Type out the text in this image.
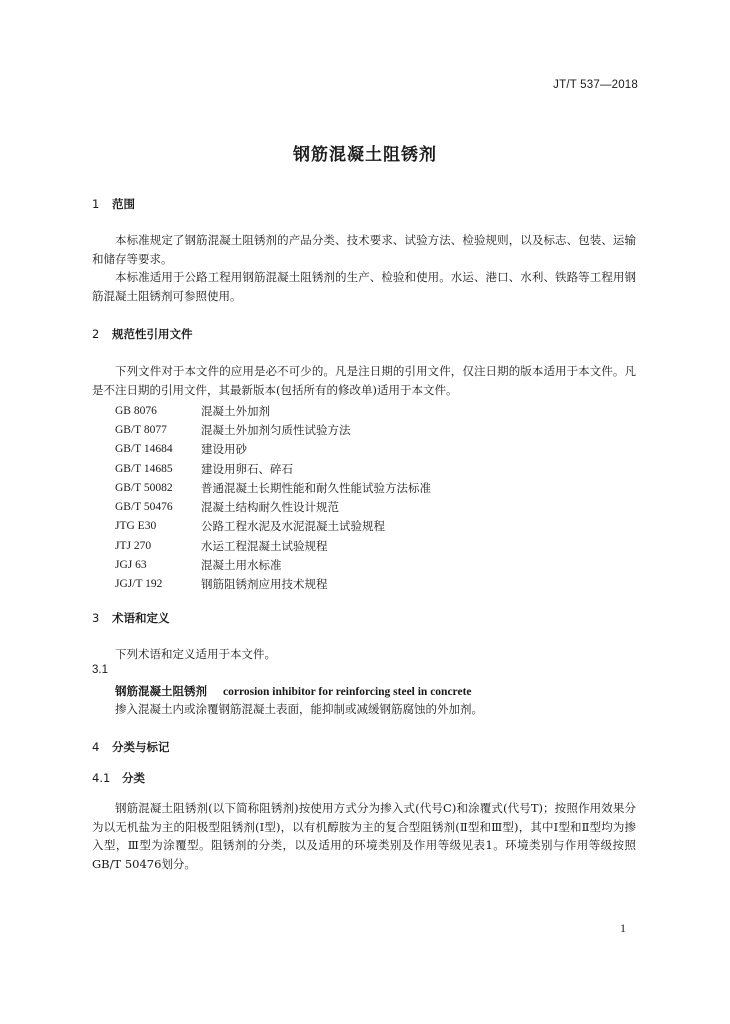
JT/T 537—2018
钢筋混凝土阻锈剂
1 范围
本标准规定了钢筋混凝土阻锈剂的产品分类、技术要求、试验方法、检验规则，以及标志、包装、运输和储存等要求。
本标准适用于公路工程用钢筋混凝土阻锈剂的生产、检验和使用。水运、港口、水利、铁路等工程用钢筋混凝土阻锈剂可参照使用。
2 规范性引用文件
下列文件对于本文件的应用是必不可少的。凡是注日期的引用文件，仅注日期的版本适用于本文件。凡是不注日期的引用文件，其最新版本(包括所有的修改单)适用于本文件。
GB 8076	混凝土外加剂
GB/T 8077	混凝土外加剂匀质性试验方法
GB/T 14684	建设用砂
GB/T 14685	建设用卵石、碎石
GB/T 50082	普通混凝土长期性能和耐久性能试验方法标准
GB/T 50476	混凝土结构耐久性设计规范
JTG E30	公路工程水泥及水泥混凝土试验规程
JTJ 270	水运工程混凝土试验规程
JGJ 63	混凝土用水标准
JGJ/T 192	钢筋阻锈剂应用技术规程
3 术语和定义
下列术语和定义适用于本文件。
3.1
钢筋混凝土阻锈剂 corrosion inhibitor for reinforcing steel in concrete
掺入混凝土内或涂覆钢筋混凝土表面，能抑制或减缓钢筋腐蚀的外加剂。
4 分类与标记
4.1 分类
钢筋混凝土阻锈剂(以下简称阻锈剂)按使用方式分为掺入式(代号C)和涂覆式(代号T)；按照作用效果分为以无机盐为主的阳极型阻锈剂(Ⅰ型)，以有机醇胺为主的复合型阻锈剂(Ⅱ型和Ⅲ型)，其中Ⅰ型和Ⅱ型均为掺入型，Ⅲ型为涂覆型。阻锈剂的分类，以及适用的环境类别及作用等级见表1。环境类别与作用等级按照GB/T 50476划分。
1
